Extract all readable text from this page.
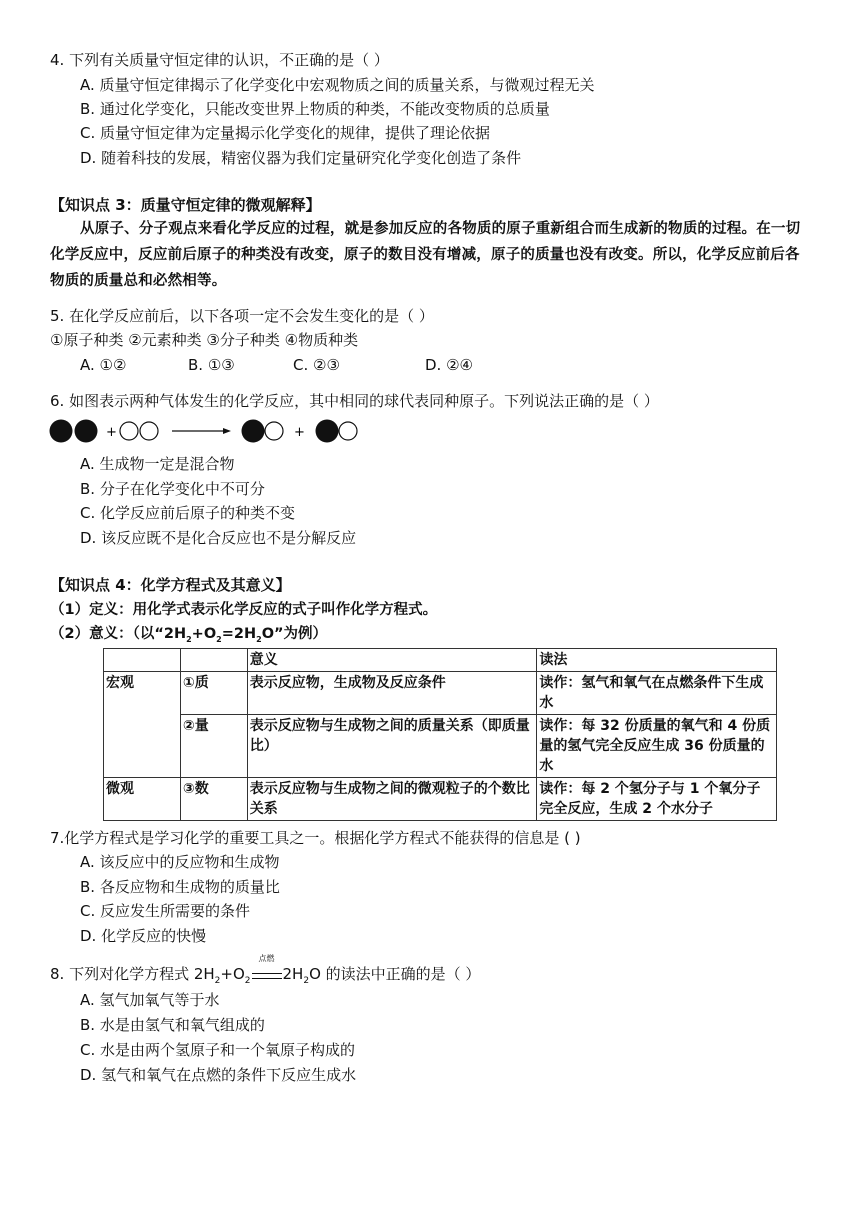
4. 下列有关质量守恒定律的认识，不正确的是（ ）
A. 质量守恒定律揭示了化学变化中宏观物质之间的质量关系，与微观过程无关
B. 通过化学变化，只能改变世界上物质的种类，不能改变物质的总质量
C. 质量守恒定律为定量揭示化学变化的规律，提供了理论依据
D. 随着科技的发展，精密仪器为我们定量研究化学变化创造了条件
【知识点 3：质量守恒定律的微观解释】
从原子、分子观点来看化学反应的过程，就是参加反应的各物质的原子重新组合而生成新的物质的过程。在一切化学反应中，反应前后原子的种类没有改变，原子的数目没有增减，原子的质量也没有改变。所以，化学反应前后各物质的质量总和必然相等。
5. 在化学反应前后，以下各项一定不会发生变化的是（ ）
①原子种类 ②元素种类 ③分子种类 ④物质种类
A. ①②	B. ①③	C. ②③	D. ②④
6. 如图表示两种气体发生的化学反应，其中相同的球代表同种原子。下列说法正确的是（ ）
+	+
A. 生成物一定是混合物
B. 分子在化学变化中不可分
C. 化学反应前后原子的种类不变
D. 该反应既不是化合反应也不是分解反应
【知识点 4：化学方程式及其意义】
（1）定义：用化学式表示化学反应的式子叫作化学方程式。
（2）意义：（以“$2H_2+O_2=2H_2O$”为例）
		意义	读法
宏观	①质	表示反应物，生成物及反应条件	读作：氢气和氧气在点燃条件下生成水
	②量	表示反应物与生成物之间的质量关系（即质量比）	读作：每 32 份质量的氧气和 4 份质量的氢气完全反应生成 36 份质量的水
微观	③数	表示反应物与生成物之间的微观粒子的个数比关系	读作：每 2 个氢分子与 1 个氧分子完全反应，生成 2 个水分子
7.化学方程式是学习化学的重要工具之一。根据化学方程式不能获得的信息是 ( )
A. 该反应中的反应物和生成物
B. 各反应物和生成物的质量比
C. 反应发生所需要的条件
D. 化学反应的快慢
8. 下列对化学方程式 $2H_2+O_2$
点燃
$2H_2O$ 的读法中正确的是（ ）
A. 氢气加氧气等于水
B. 水是由氢气和氧气组成的
C. 水是由两个氢原子和一个氧原子构成的
D. 氢气和氧气在点燃的条件下反应生成水
